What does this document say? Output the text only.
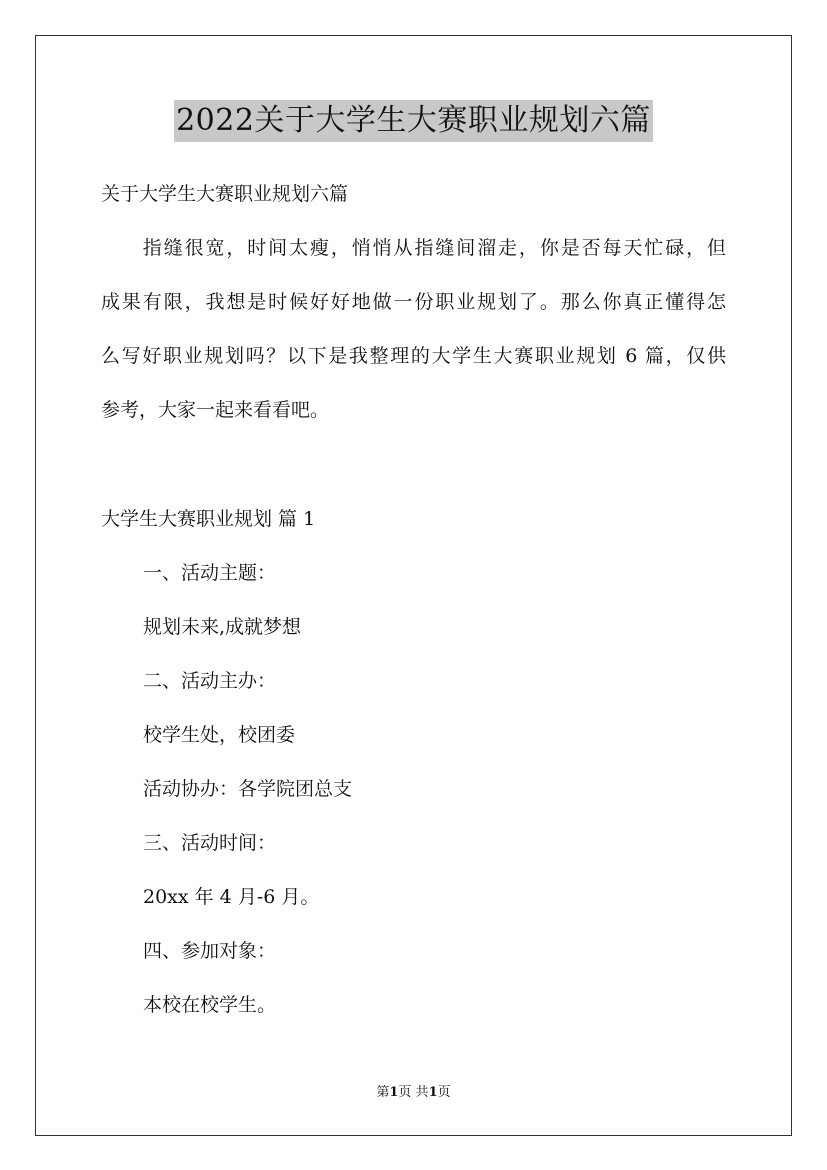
2022关于大学生大赛职业规划六篇
关于大学生大赛职业规划六篇
　　指缝很宽，时间太瘦，悄悄从指缝间溜走，你是否每天忙碌，但
成果有限，我想是时候好好地做一份职业规划了。那么你真正懂得怎
么写好职业规划吗？以下是我整理的大学生大赛职业规划 6 篇，仅供
参考，大家一起来看看吧。
大学生大赛职业规划 篇 1
一、活动主题：
规划未来,成就梦想
二、活动主办：
校学生处，校团委
活动协办：各学院团总支
三、活动时间：
20xx 年 4 月-6 月。
四、参加对象：
本校在校学生。
第1页 共1页
